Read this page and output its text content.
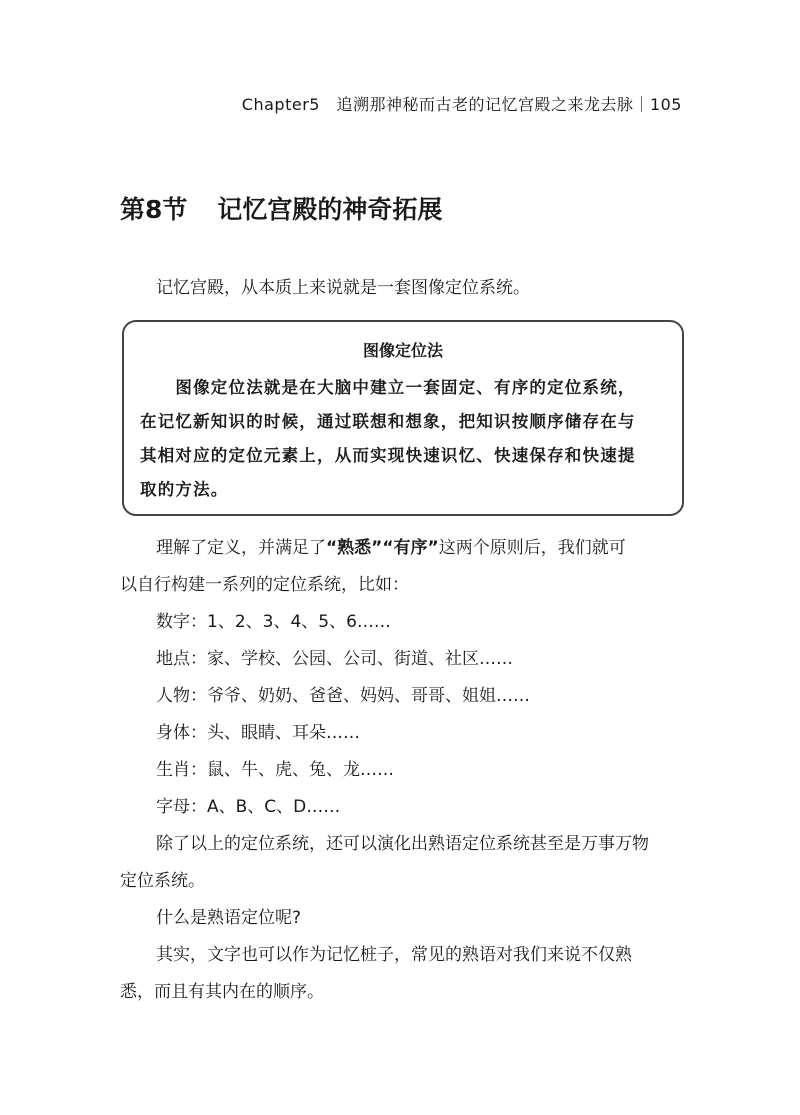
Chapter5　追溯那神秘而古老的记忆宫殿之来龙去脉｜105
第8节 记忆宫殿的神奇拓展
记忆宫殿，从本质上来说就是一套图像定位系统。
图像定位法
　　图像定位法就是在大脑中建立一套固定、有序的定位系统，
在记忆新知识的时候，通过联想和想象，把知识按顺序储存在与
其相对应的定位元素上，从而实现快速识忆、快速保存和快速提
取的方法。
理解了定义，并满足了“熟悉”“有序”这两个原则后，我们就可
以自行构建一系列的定位系统，比如：
数字：1、2、3、4、5、6……
地点：家、学校、公园、公司、街道、社区……
人物：爷爷、奶奶、爸爸、妈妈、哥哥、姐姐……
身体：头、眼睛、耳朵……
生肖：鼠、牛、虎、兔、龙……
字母：A、B、C、D……
除了以上的定位系统，还可以演化出熟语定位系统甚至是万事万物
定位系统。
什么是熟语定位呢?
其实，文字也可以作为记忆桩子，常见的熟语对我们来说不仅熟
悉，而且有其内在的顺序。
